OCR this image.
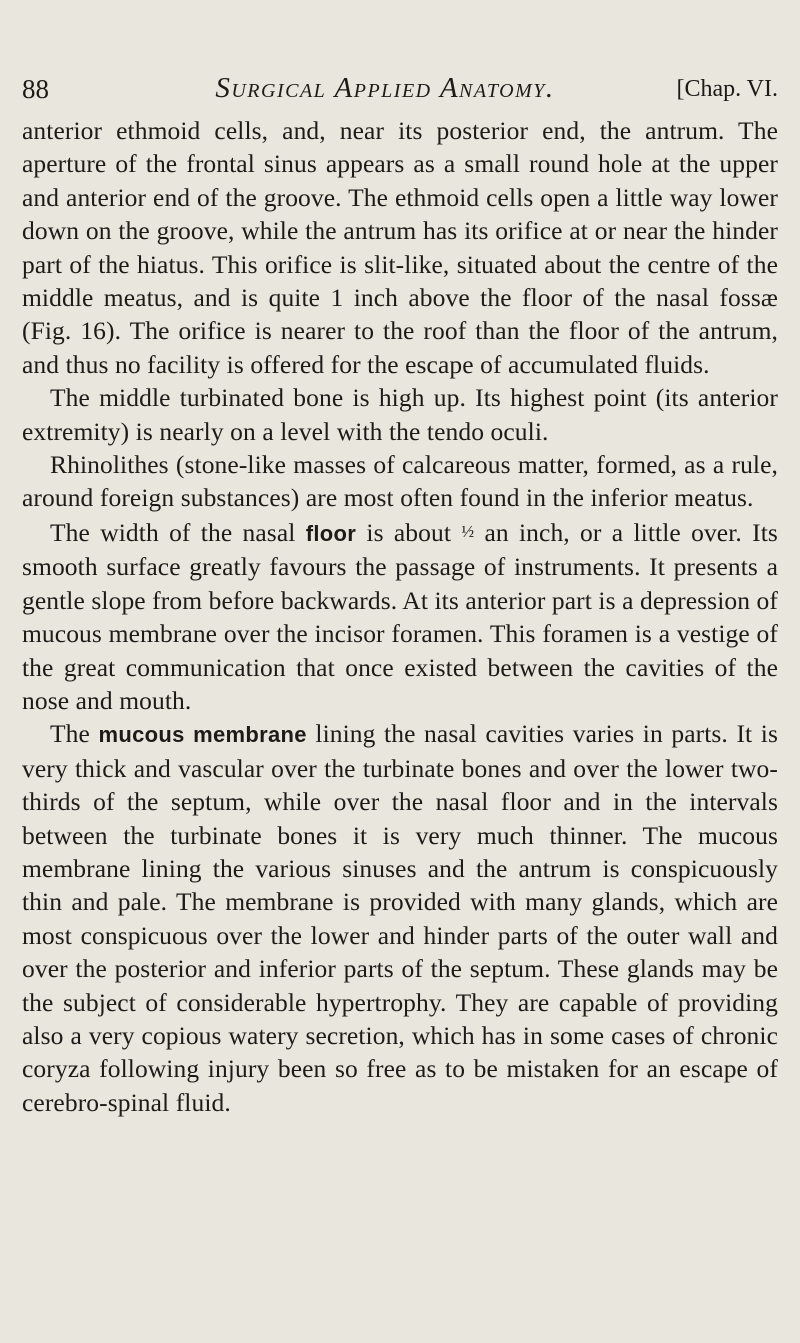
88	Surgical Applied Anatomy.	[Chap. VI.

anterior ethmoid cells, and, near its posterior end, the antrum. The aperture of the frontal sinus appears as a small round hole at the upper and anterior end of the groove. The ethmoid cells open a little way lower down on the groove, while the antrum has its orifice at or near the hinder part of the hiatus. This orifice is slit-like, situated about the centre of the middle meatus, and is quite 1 inch above the floor of the nasal fossæ (Fig. 16). The orifice is nearer to the roof than the floor of the antrum, and thus no facility is offered for the escape of accumulated fluids.

The middle turbinated bone is high up. Its highest point (its anterior extremity) is nearly on a level with the tendo oculi.

Rhinolithes (stone-like masses of calcareous matter, formed, as a rule, around foreign substances) are most often found in the inferior meatus.

The width of the nasal floor is about ½ an inch, or a little over. Its smooth surface greatly favours the passage of instruments. It presents a gentle slope from before backwards. At its anterior part is a depression of mucous membrane over the incisor foramen. This foramen is a vestige of the great communication that once existed between the cavities of the nose and mouth.

The mucous membrane lining the nasal cavities varies in parts. It is very thick and vascular over the turbinate bones and over the lower two-thirds of the septum, while over the nasal floor and in the intervals between the turbinate bones it is very much thinner. The mucous membrane lining the various sinuses and the antrum is conspicuously thin and pale. The membrane is provided with many glands, which are most conspicuous over the lower and hinder parts of the outer wall and over the posterior and inferior parts of the septum. These glands may be the subject of considerable hypertrophy. They are capable of providing also a very copious watery secretion, which has in some cases of chronic coryza following injury been so free as to be mistaken for an escape of cerebro-spinal fluid.
